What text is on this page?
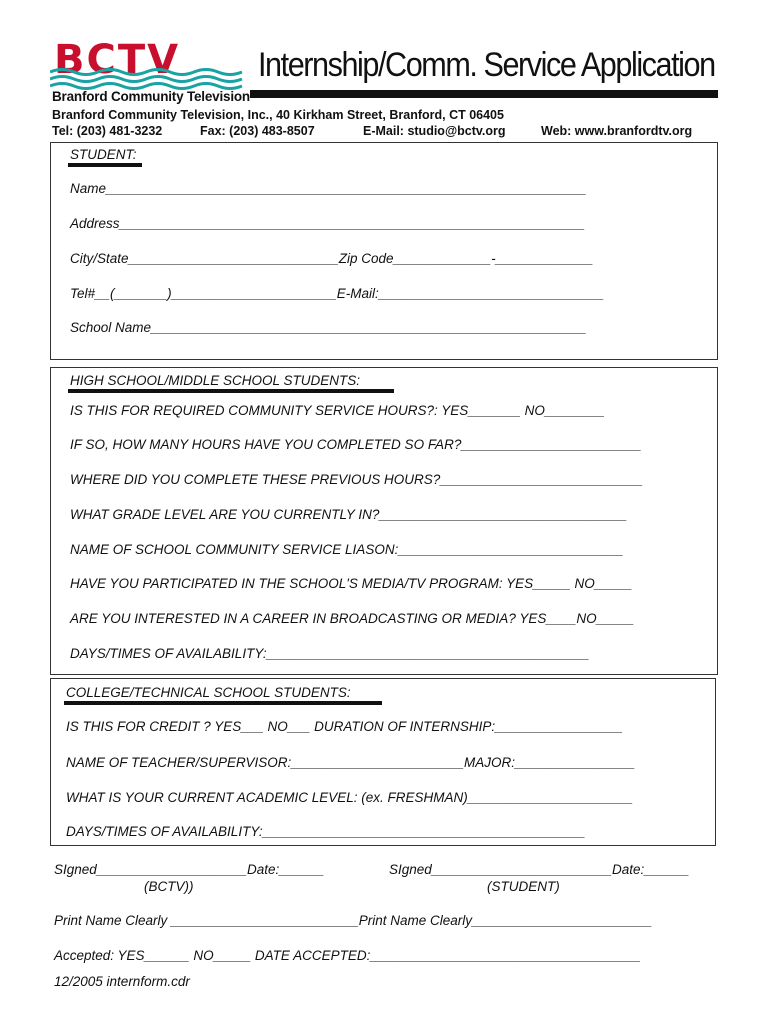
BCTV
Branford Community Television
Internship/Comm. Service Application
Branford Community Television, Inc., 40 Kirkham Street, Branford, CT 06405
Tel: (203) 481-3232	Fax: (203) 483-8507	E-Mail: studio@bctv.org	Web: www.branfordtv.org
STUDENT:
Name________________________________________________________________
Address______________________________________________________________
City/State____________________________Zip Code_____________-_____________
Tel#__(_______)______________________E-Mail:______________________________
School Name__________________________________________________________
HIGH SCHOOL/MIDDLE SCHOOL STUDENTS:
IS THIS FOR REQUIRED COMMUNITY SERVICE HOURS?: YES_______ NO________
IF SO, HOW MANY HOURS HAVE YOU COMPLETED SO FAR?________________________
WHERE DID YOU COMPLETE THESE PREVIOUS HOURS?___________________________
WHAT GRADE LEVEL ARE YOU CURRENTLY IN?_________________________________
NAME OF SCHOOL COMMUNITY SERVICE LIASON:______________________________
HAVE YOU PARTICIPATED IN THE SCHOOL'S MEDIA/TV PROGRAM: YES_____ NO_____
ARE YOU INTERESTED IN A CAREER IN BROADCASTING OR MEDIA? YES____NO_____
DAYS/TIMES OF AVAILABILITY:___________________________________________
COLLEGE/TECHNICAL SCHOOL STUDENTS:
IS THIS FOR CREDIT ? YES___ NO___ DURATION OF INTERNSHIP:_________________
NAME OF TEACHER/SUPERVISOR:_______________________MAJOR:________________
WHAT IS YOUR CURRENT ACADEMIC LEVEL: (ex. FRESHMAN)______________________
DAYS/TIMES OF AVAILABILITY:___________________________________________
SIgned____________________Date:______
(BCTV))
SIgned________________________Date:______
(STUDENT)
Print Name Clearly _________________________Print Name Clearly________________________
Accepted: YES______ NO_____ DATE ACCEPTED:____________________________________
12/2005 internform.cdr
